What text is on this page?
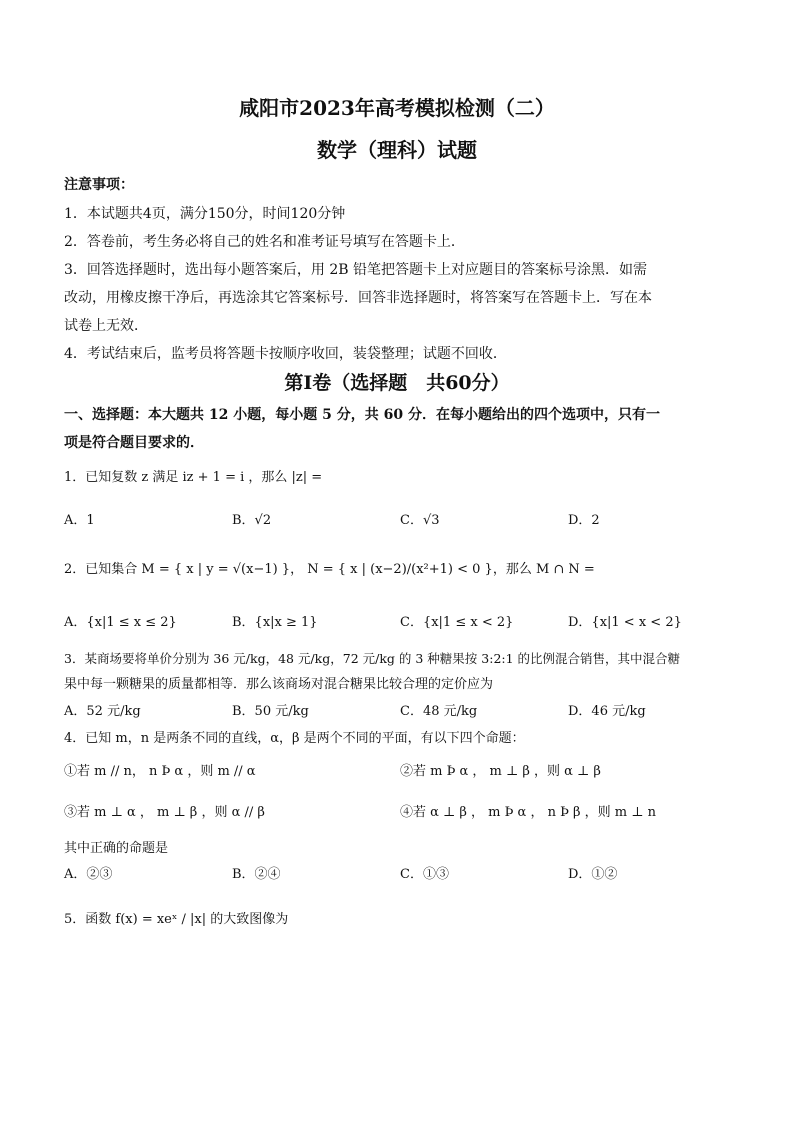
咸阳市2023年高考模拟检测（二）
数学（理科）试题
注意事项：
1．本试题共4页，满分150分，时间120分钟
2．答卷前，考生务必将自己的姓名和准考证号填写在答题卡上．
3．回答选择题时，选出每小题答案后，用 2B 铅笔把答题卡上对应题目的答案标号涂黑．如需
改动，用橡皮擦干净后，再选涂其它答案标号．回答非选择题时，将答案写在答题卡上．写在本
试卷上无效．
4．考试结束后，监考员将答题卡按顺序收回，装袋整理；试题不回收．
第Ⅰ卷（选择题　共60分）
一、选择题：本大题共 12 小题，每小题 5 分，共 60 分．在每小题给出的四个选项中，只有一
项是符合题目要求的．
1．已知复数 z 满足 iz + 1 = i ，那么 |z| =
A．1	B．√2	C．√3	D．2
2．已知集合 M = { x | y = √(x−1) }， N = { x | (x−2)/(x²+1) < 0 }，那么 M ∩ N =
A．{x|1 ≤ x ≤ 2}	B．{x|x ≥ 1}	C．{x|1 ≤ x < 2}	D．{x|1 < x < 2}
3．某商场要将单价分别为 36 元/kg，48 元/kg，72 元/kg 的 3 种糖果按 3:2:1 的比例混合销售，其中混合糖
果中每一颗糖果的质量都相等．那么该商场对混合糖果比较合理的定价应为
A．52 元/kg	B．50 元/kg	C．48 元/kg	D．46 元/kg
4．已知 m，n 是两条不同的直线，α，β 是两个不同的平面，有以下四个命题：
①若 m // n， n Þ α ，则 m // α	②若 m Þ α ， m ⊥ β ，则 α ⊥ β
③若 m ⊥ α ， m ⊥ β ，则 α // β	④若 α ⊥ β ， m Þ α ， n Þ β ，则 m ⊥ n
其中正确的命题是
A．②③	B．②④	C．①③	D．①②
5．函数 f(x) = xeˣ / |x| 的大致图像为
